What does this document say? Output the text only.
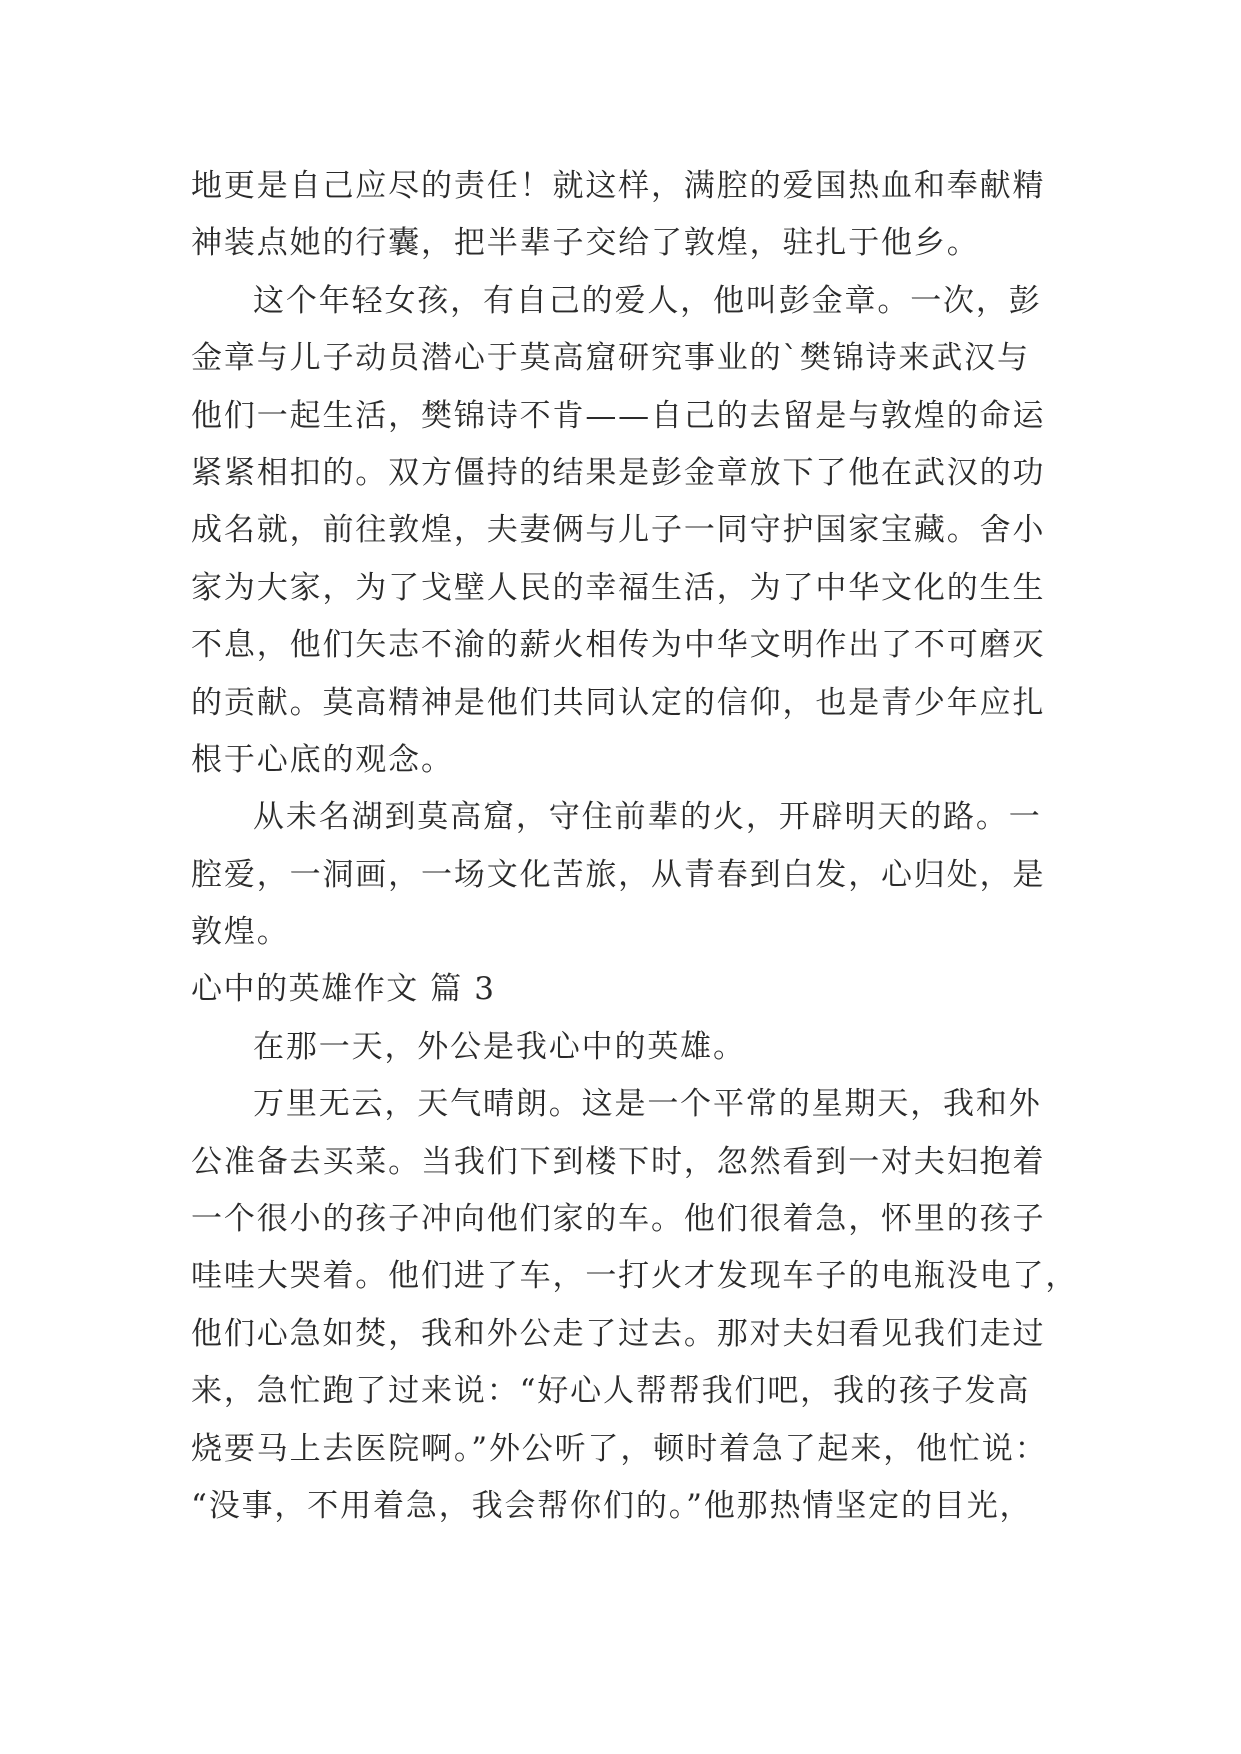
地更是自己应尽的责任！就这样，满腔的爱国热血和奉献精
神装点她的行囊，把半辈子交给了敦煌，驻扎于他乡。
这个年轻女孩，有自己的爱人，他叫彭金章。一次，彭
金章与儿子动员潜心于莫高窟研究事业的`樊锦诗来武汉与
他们一起生活，樊锦诗不肯——自己的去留是与敦煌的命运
紧紧相扣的。双方僵持的结果是彭金章放下了他在武汉的功
成名就，前往敦煌，夫妻俩与儿子一同守护国家宝藏。舍小
家为大家，为了戈壁人民的幸福生活，为了中华文化的生生
不息，他们矢志不渝的薪火相传为中华文明作出了不可磨灭
的贡献。莫高精神是他们共同认定的信仰，也是青少年应扎
根于心底的观念。
从未名湖到莫高窟，守住前辈的火，开辟明天的路。一
腔爱，一洞画，一场文化苦旅，从青春到白发，心归处，是
敦煌。
心中的英雄作文 篇 3
在那一天，外公是我心中的英雄。
万里无云，天气晴朗。这是一个平常的星期天，我和外
公准备去买菜。当我们下到楼下时，忽然看到一对夫妇抱着
一个很小的孩子冲向他们家的车。他们很着急，怀里的孩子
哇哇大哭着。他们进了车，一打火才发现车子的电瓶没电了，
他们心急如焚，我和外公走了过去。那对夫妇看见我们走过
来，急忙跑了过来说：“好心人帮帮我们吧，我的孩子发高
烧要马上去医院啊。”外公听了，顿时着急了起来，他忙说：
“没事，不用着急，我会帮你们的。”他那热情坚定的目光，
